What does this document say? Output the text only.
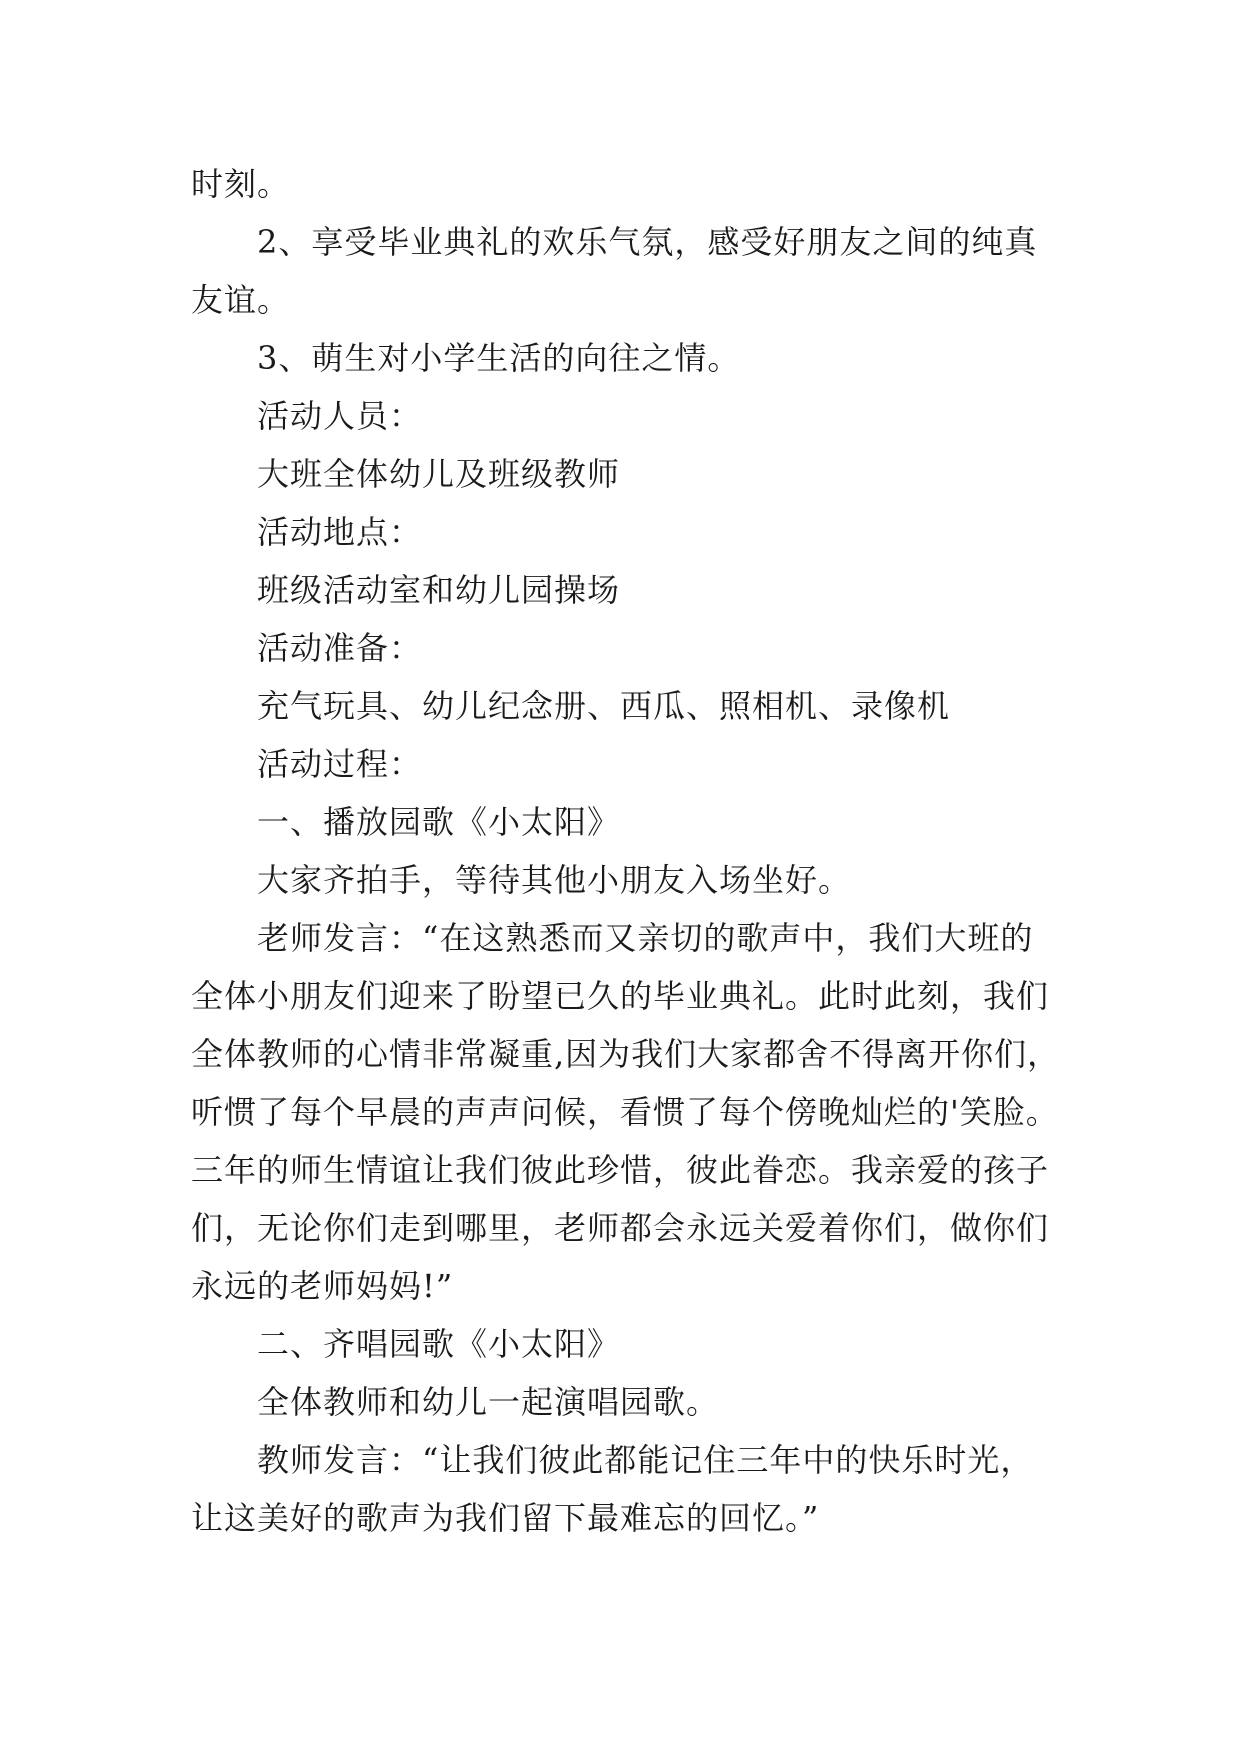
时刻。
2、享受毕业典礼的欢乐气氛，感受好朋友之间的纯真
友谊。
3、萌生对小学生活的向往之情。
活动人员：
大班全体幼儿及班级教师
活动地点：
班级活动室和幼儿园操场
活动准备：
充气玩具、幼儿纪念册、西瓜、照相机、录像机
活动过程：
一、播放园歌《小太阳》
大家齐拍手，等待其他小朋友入场坐好。
老师发言：“在这熟悉而又亲切的歌声中，我们大班的
全体小朋友们迎来了盼望已久的毕业典礼。此时此刻，我们
全体教师的心情非常凝重,因为我们大家都舍不得离开你们，
听惯了每个早晨的声声问候，看惯了每个傍晚灿烂的'笑脸。
三年的师生情谊让我们彼此珍惜，彼此眷恋。我亲爱的孩子
们，无论你们走到哪里，老师都会永远关爱着你们，做你们
永远的老师妈妈!”
二、齐唱园歌《小太阳》
全体教师和幼儿一起演唱园歌。
教师发言：“让我们彼此都能记住三年中的快乐时光，
让这美好的歌声为我们留下最难忘的回忆。”
